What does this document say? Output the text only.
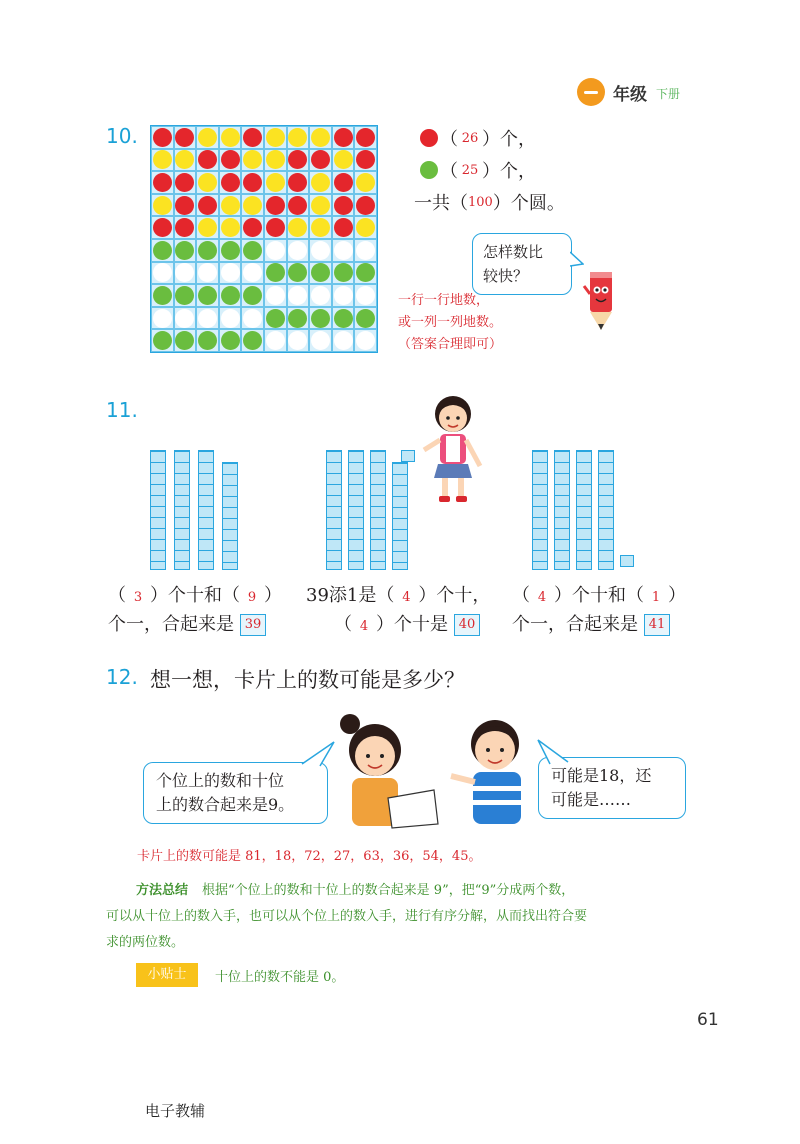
年级 下册
10.	（ 26 ）个，
（ 25 ）个，
一共（ 100 ）个圆。
怎样数比
较快？
一行一行地数，
或一列一列地数。
（答案合理即可）
11.
（ 3 ）个十和（ 9 ）
个一，合起来是 39
39添1是（ 4 ）个十，
（ 4 ）个十是 40
（ 4 ）个十和（ 1 ）
个一，合起来是 41
12. 想一想，卡片上的数可能是多少？
个位上的数和十位
上的数合起来是9。
可能是18，还
可能是……
卡片上的数可能是 81，18，72，27，63，36，54，45。
方法总结 根据“个位上的数和十位上的数合起来是 9”，把“9”分成两个数，
可以从十位上的数入手，也可以从个位上的数入手，进行有序分解，从而找出符合要
求的两位数。
小贴士	十位上的数不能是 0。
61
电子教辅
